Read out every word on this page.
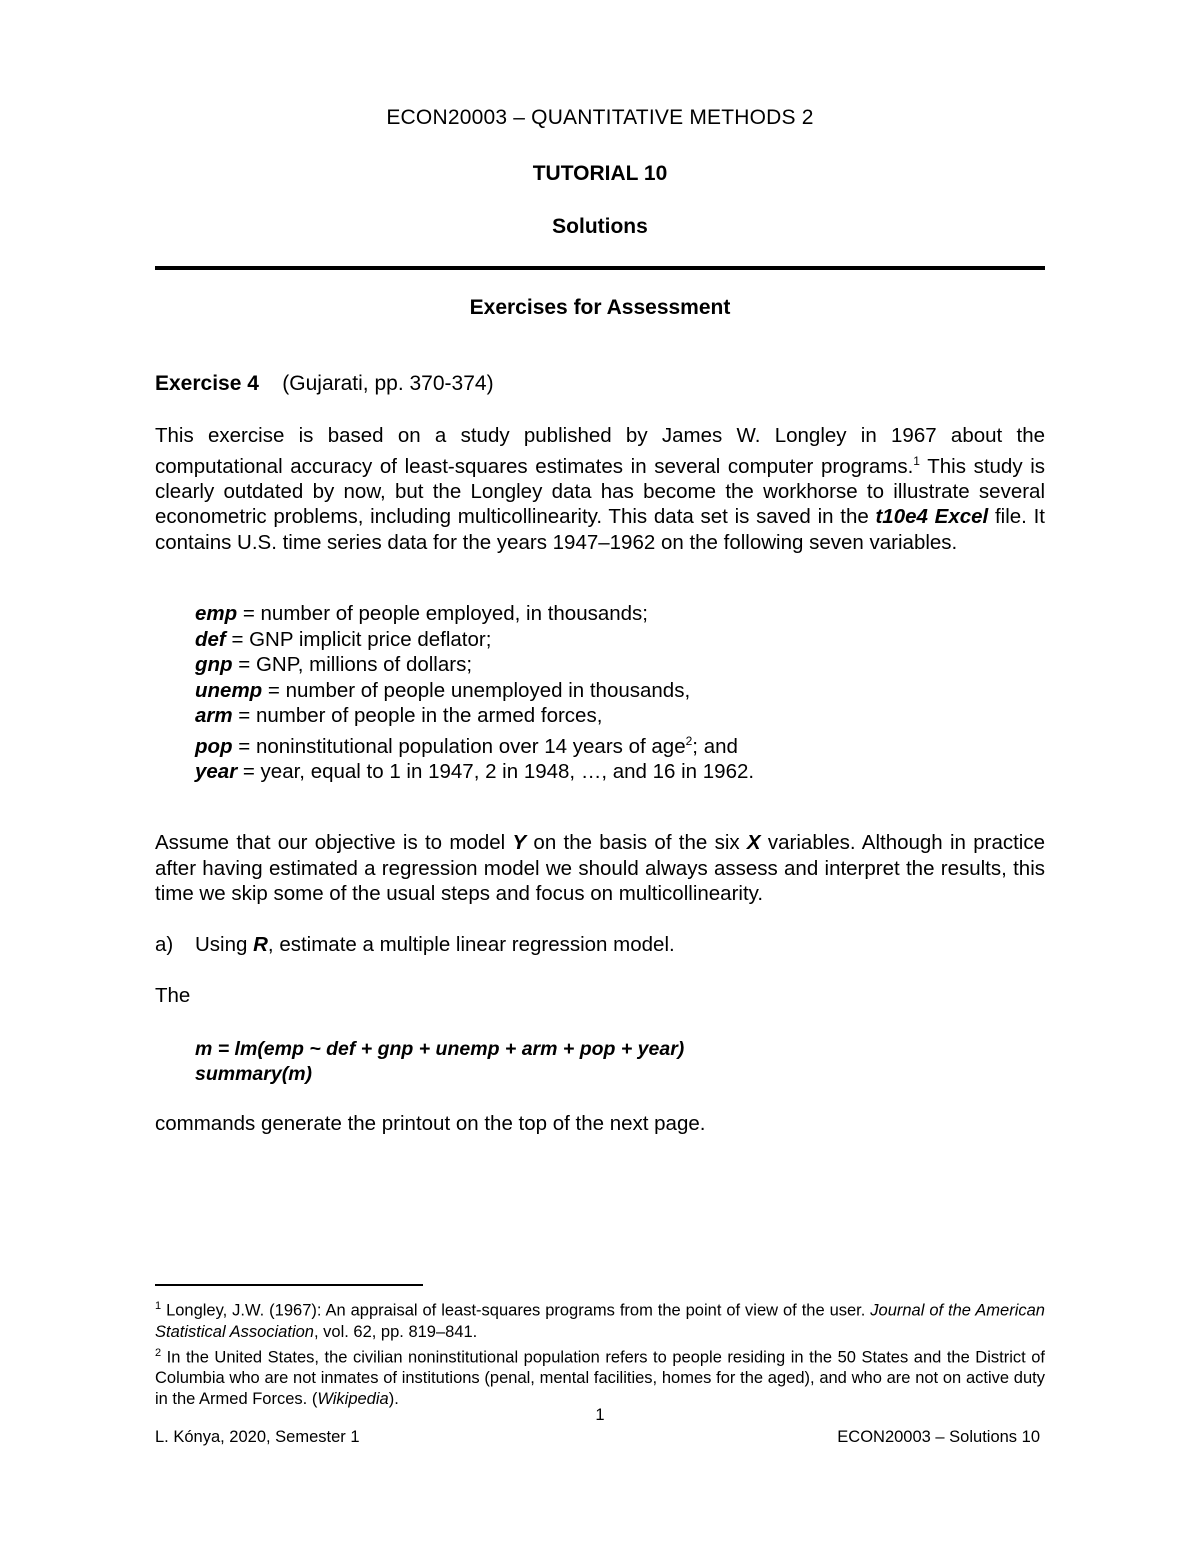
ECON20003 – QUANTITATIVE METHODS 2
TUTORIAL 10
Solutions
Exercises for Assessment
Exercise 4 (Gujarati, pp. 370-374)
This exercise is based on a study published by James W. Longley in 1967 about the computational accuracy of least-squares estimates in several computer programs.$^1$ This study is clearly outdated by now, but the Longley data has become the workhorse to illustrate several econometric problems, including multicollinearity. This data set is saved in the t10e4 Excel file. It contains U.S. time series data for the years 1947–1962 on the following seven variables.
emp = number of people employed, in thousands;
def = GNP implicit price deflator;
gnp = GNP, millions of dollars;
unemp = number of people unemployed in thousands,
arm = number of people in the armed forces,
pop = noninstitutional population over 14 years of age$^2$; and
year = year, equal to 1 in 1947, 2 in 1948, …, and 16 in 1962.
Assume that our objective is to model Y on the basis of the six X variables. Although in practice after having estimated a regression model we should always assess and interpret the results, this time we skip some of the usual steps and focus on multicollinearity.
a) Using R, estimate a multiple linear regression model.
The
m = lm(emp ~ def + gnp + unemp + arm + pop + year)
summary(m)
commands generate the printout on the top of the next page.

$^1$ Longley, J.W. (1967): An appraisal of least-squares programs from the point of view of the user. Journal of the American Statistical Association, vol. 62, pp. 819–841.

$^2$ In the United States, the civilian noninstitutional population refers to people residing in the 50 States and the District of Columbia who are not inmates of institutions (penal, mental facilities, homes for the aged), and who are not on active duty in the Armed Forces. (Wikipedia).

1
L. Kónya, 2020, Semester 1	ECON20003 – Solutions 10
